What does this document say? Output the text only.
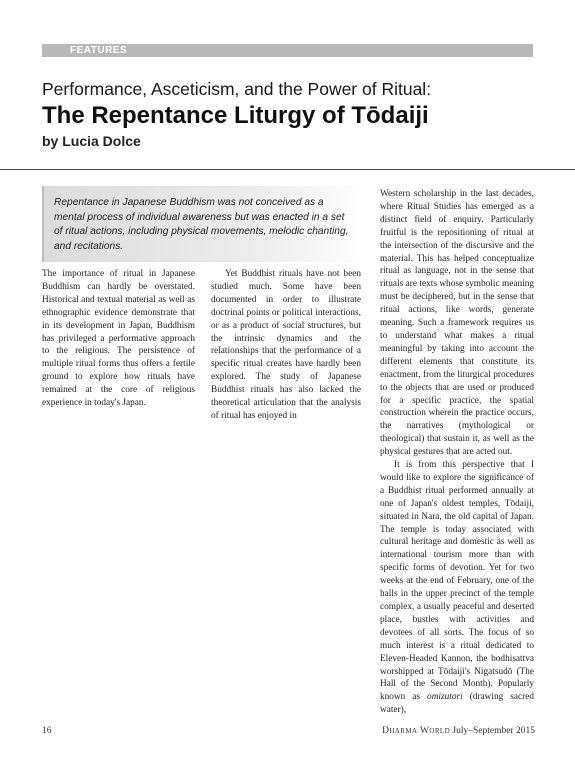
FEATURES
Performance, Asceticism, and the Power of Ritual:
The Repentance Liturgy of Tōdaiji
by Lucia Dolce

Repentance in Japanese Buddhism was not conceived as a mental process of individual awareness but was enacted in a set of ritual actions, including physical movements, melodic chanting, and recitations.

The importance of ritual in Japanese Buddhism can hardly be overstated. Historical and textual material as well as ethnographic evidence demonstrate that in its development in Japan, Buddhism has privileged a performative approach to the religious. The persistence of multiple ritual forms thus offers a fertile ground to explore how rituals have remained at the core of religious experience in today's Japan.

Yet Buddhist rituals have not been studied much. Some have been documented in order to illustrate doctrinal points or political interactions, or as a product of social structures, but the intrinsic dynamics and the relationships that the performance of a specific ritual creates have hardly been explored. The study of Japanese Buddhist rituals has also lacked the theoretical articulation that the analysis of ritual has enjoyed in

Western scholarship in the last decades, where Ritual Studies has emerged as a distinct field of enquiry. Particularly fruitful is the repositioning of ritual at the intersection of the discursive and the material. This has helped conceptualize ritual as language, not in the sense that rituals are texts whose symbolic meaning must be deciphered, but in the sense that ritual actions, like words, generate meaning. Such a framework requires us to understand what makes a ritual meaningful by taking into account the different elements that constitute its enactment, from the liturgical procedures to the objects that are used or produced for a specific practice, the spatial construction wherein the practice occurs, the narratives (mythological or theological) that sustain it, as well as the physical gestures that are acted out.

It is from this perspective that I would like to explore the significance of a Buddhist ritual performed annually at one of Japan's oldest temples, Tōdaiji, situated in Nara, the old capital of Japan. The temple is today associated with cultural heritage and domestic as well as international tourism more than with specific forms of devotion. Yet for two weeks at the end of February, one of the halls in the upper precinct of the temple complex, a usually peaceful and deserted place, bustles with activities and devotees of all sorts. The focus of so much interest is a ritual dedicated to Eleven-Headed Kannon, the bodhisattva worshipped at Tōdaiji's Nigatsudō (The Hall of the Second Month). Popularly known as omizutori (drawing sacred water),

16	Dharma World July–September 2015
